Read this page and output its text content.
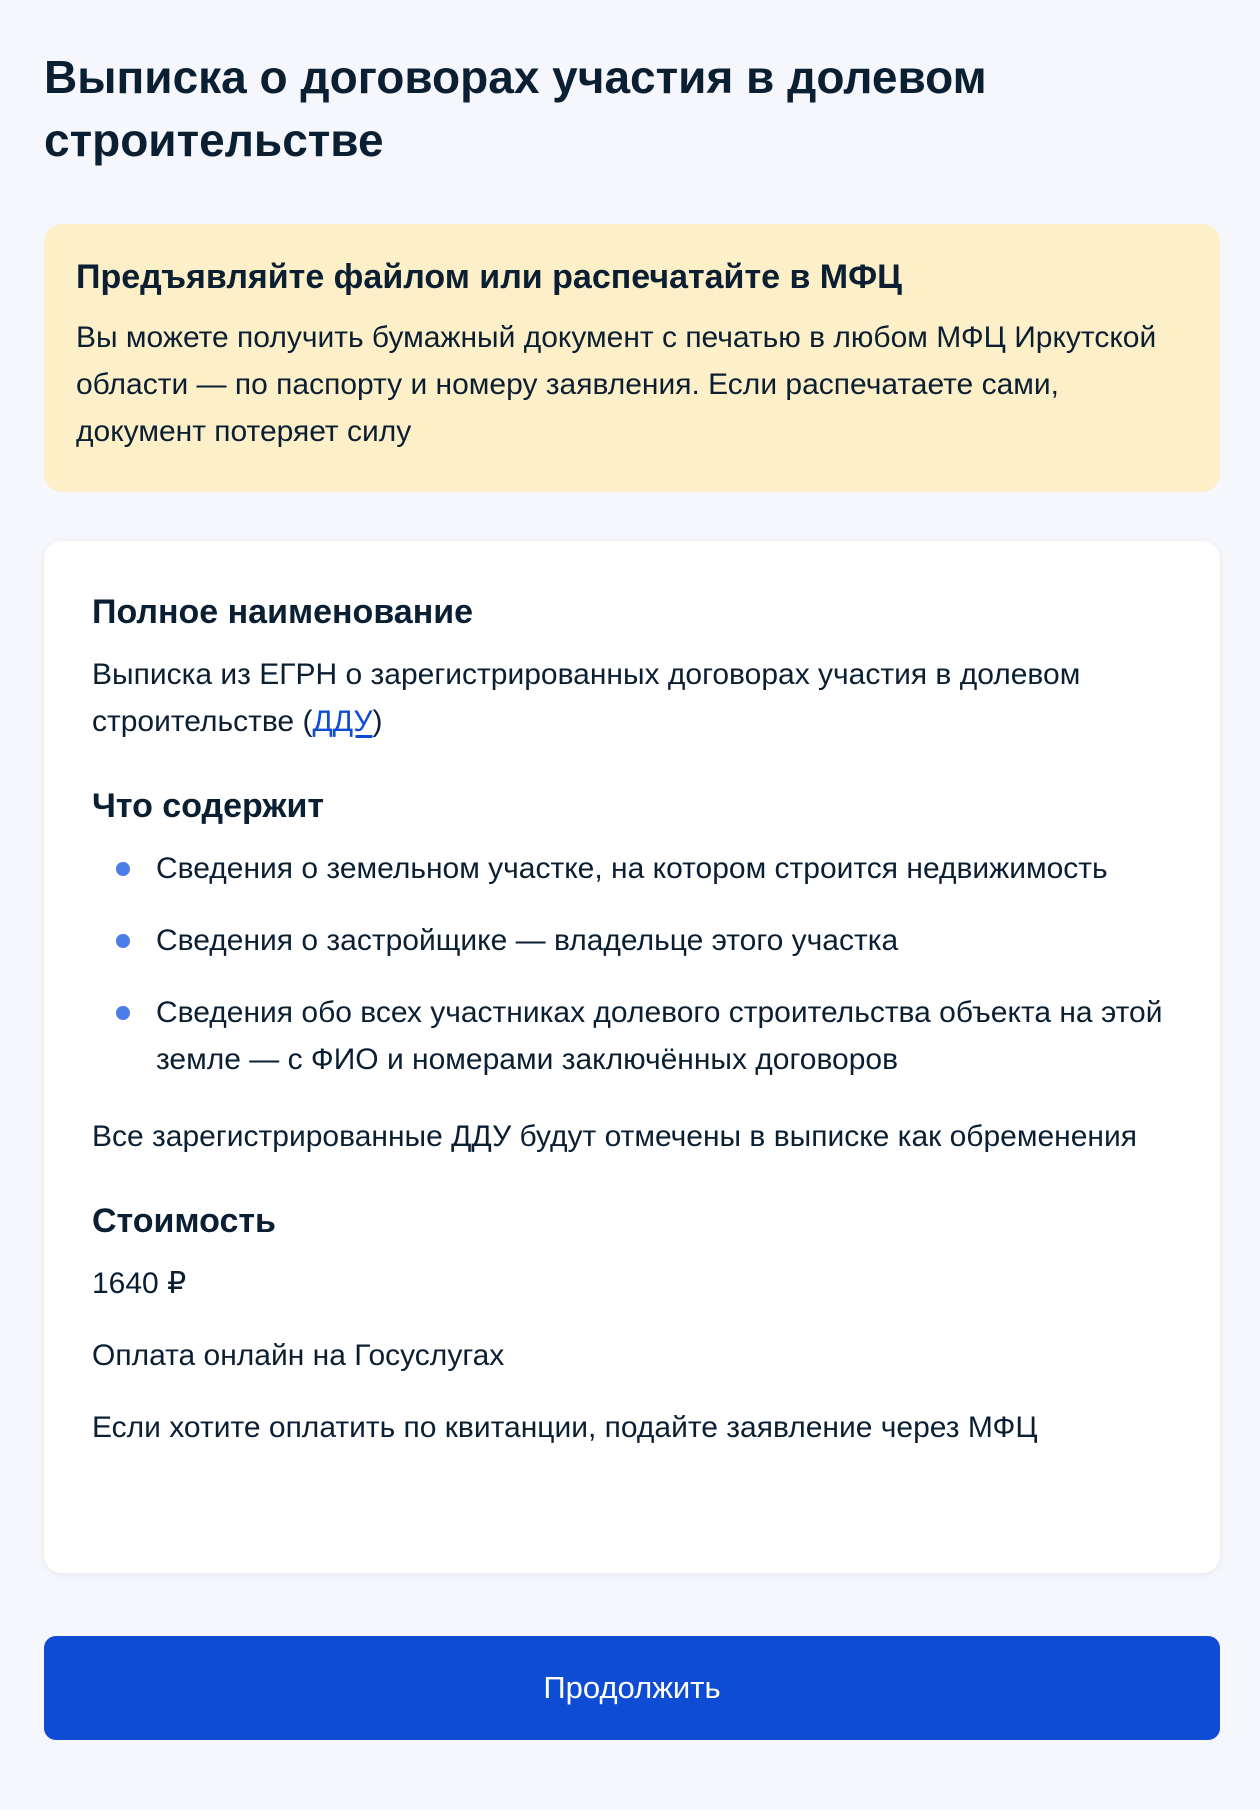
Выписка о договорах участия в долевом строительстве
Предъявляйте файлом или распечатайте в МФЦ

Вы можете получить бумажный документ с печатью в любом МФЦ Иркутской области — по паспорту и номеру заявления. Если распечатаете сами, документ потеряет силу

Полное наименование

Выписка из ЕГРН о зарегистрированных договорах участия в долевом строительстве (ДДУ)

Что содержит
Сведения о земельном участке, на котором строится недвижимость
Сведения о застройщике — владельце этого участка
Сведения обо всех участниках долевого строительства объекта на этой земле — с ФИО и номерами заключённых договоров

Все зарегистрированные ДДУ будут отмечены в выписке как обременения

Стоимость

1640 ₽

Оплата онлайн на Госуслугах

Если хотите оплатить по квитанции, подайте заявление через МФЦ

Продолжить
